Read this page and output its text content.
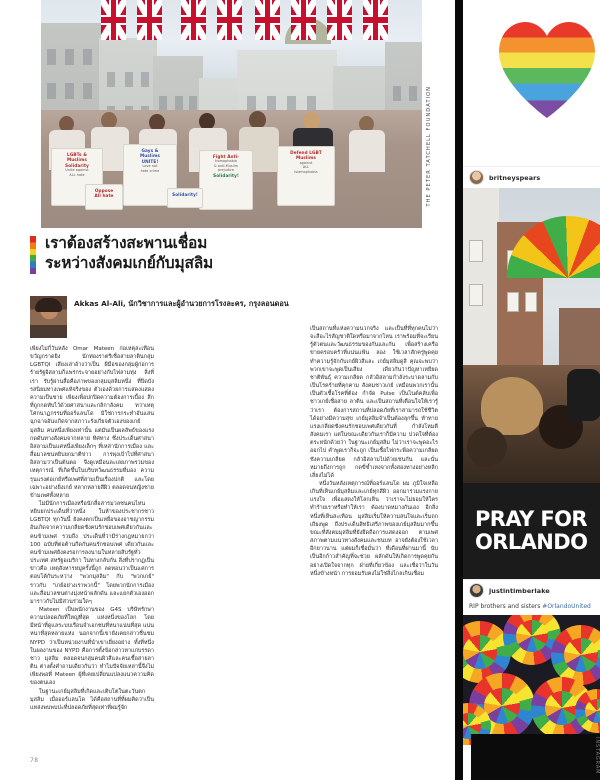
LGBTs &
Muslims
Solidarity
Unite against
ALL hate
Gays &
Muslims
UNITE!
Love not
hate crime
Fight Anti-
Homophobia
& anti-Muslim
prejudice
Solidarity!
Defend LGBT
Muslims
against
ALL
Islamophobia
Oppose
All hate	Solidarity!	THE PETER TATCHELL FOUNDATION
เราต้องสร้างสะพานเชื่อม
ระหว่างสังคมเกย์กับมุสลิม
Akkas Al-Ali, นักวิชาการและผู้อำนวยการโรงละคร, กรุงลอนดอน

เพียงไม่กี่วันหลัง Omar Mateen ก่อเหตุสะเทือนขวัญกราดยิง นักท่องราตรีเชื่อสายลาตินกลุ่ม LGBTQI เสียงเล่าอ้างว่าเป็น ผีมือของกลุ่มผู้ก่อการร้ายรัฐอิสลามก็แพร่กระจายอย่างกับไฟลามทุ่ง สิ่งที่เรา รับรู้ผ่านสื่อคือภาพของกลุ่มมุสลิมหนึ่ง ที่ปิดบังรสนิยมทางเพศแท้จริงของ ตัวเองด้วยการแสดงแสดงความเป็นชาย เพียงเพื่อปกปิดความต้องการเบื้อง ลึกที่ถูกกดทับไว้ด้วยศาสนาและกลิกาลังคม ทว่าเหตุโศกนาฏกรรมที่ออร์แลนโด มิใช่การกระทำอันแสนฉุกฉาจอันแกิดจากสภาวะรังเกียจตัวเองของเกย์มุสลิม คนหนึ่งเพียงเท่านั้น แต่มันเป็นผลลัพธ์ของแรงกดดันทางสังคมจากหลาย ทิศทาง ซึ่งประเด็นศาสนาอิสลามเป็นแค่หนึ่งเพียงเล็กๆ ที่เหล่านักการเมือง และสื่อมวลชนหยิบยกมาตีข่าว การพุ่งเป้าไปที่ศาสนาอิสลามว่าเป็นต้นตอ จึงดูเหมือนละเลยภาพรวมของเหตุการณ์ ที่เกิดขึ้นในบริบทวัฒนธรรมที่มอง ความรุนแรงต่อเกย์หรือเพศที่สามเป็นเรื่องปกติ และโดยเฉพาะอย่างยิ่งเกย์ หลากหลายสีผิว ตลอดจนหญิงชายข้ามเพศทั้งหลาย

ไม่มีนักการเมืองหรือนักสื่อสารมวลชนคนไหนหยิบยกประเด็นที่ว่าหนึ่ง ในห้าของประชากรชาว LGBTQI ทุกวันนี้ ยังคงตกเป็นเหยื่อของอาชญากรรม อันเกิดจากความเกลียดชังคนรักชอบเพศเดียวกันและคนข้ามเพศ รวมถึง ประเด็นที่ว่ามีร่างกฎหมายกว่า 100 ฉบับที่ต่อต้านกีดกันคนรักชอบเพศ เดียวกันและคนข้ามเพศยังคงรอการลงนามในหลายสิบรัฐทั่วประเทศ สหรัฐอเมริกา ในทางกลับกัน สิ่งที่ปรากฏเป็นข่าวคือ เหตุสังหารหมู่ครั้งนี้ถูก ลดทอนว่าเป็นแค่การตอบโต้กันระหว่าง "พวกมุสลิม" กับ "พวกเกย์" ราวกับ "เกย์อย่างเราพวกนี้" โดยพวกนักการเมืองและสื่อมวลชนต่างมุ่งหน้าผลักดัน และแยกตัวเองออกมาราวกับไม่มีส่วนร่วมใดๆ

Mateen เป็นพนักงานของ G4S บริษัทรักษาความปลอดภัยที่ใหญ่ที่สุด แห่งหนึ่งของโลก โดยมีหน้าที่ดูแลระบบเรือนจำเอกชนที่หนาแน่นที่สุด แน่นหนาที่สุดหลายแห่ง นอกจากนี้เขายังเคยกล่าวชื่นชม NYPD ว่าเป็นหน่วยงานที่นำเขาเยี่ยงอย่าง ทั้งที่หนึ่งในผลงานของ NYPD คือการตั้งข้อกล่าวหาแก่บรรดาชาว มุสลิม ตลอดจนกลุ่มคนผิวสีและคนเชื้อสายลาติน ต่างตั้งคำถามเดียวกันว่า ทำไมปัจจัยเหล่านี้จึงไม่เพียงพอที่ Mateen ผู้ที่เคยเปลี่ยนแปลงแนวความคิดของตนเอง

ในฐานะเกย์มุสลิมที่เกิดและเติบโตในตะวันตกมุสลิม เมื่อออร์แลนโด ได้คือสถานที่ที่ผมคิดว่าเป็นแหล่งพบพบปะที่ปลอดภัยที่สุดเท่าที่ผมรู้จัก

เป็นสถานที่แห่งความนวกจริง และเป็นที่ที่ทุกคนไม่ว่าจะสีอะไรสัญชาติใดหรือมาจากไหน เราพร้อมที่จะเรียนรู้ตัวตนและวัฒนธรรมของกันและกัน เพื่อสร้างเครือข่ายครอบครัวที่แน่นแฟ้น ลอง ใช้เวลาสักครู่พูดคุยทำความรู้จักกับเกย์ผิวสีและ เกย์มุสลิมดูสิ คุณจะพบว่าพวกเขาจะพูดเป็นเสียง เดียวกันว่าปัญหาเหยียดชาติพันธุ์ ความเกลียด กลัวอิสลามกำลังระบาดลามกับเป็นโรคร้ายที่คุกคาม สังคมชาวเกย์ เหมือนพวกเรานั้นเป็นตัวเชื้อโรคที่ต้อง กำจัด Pulse เป็นไนต์คลับเพื่อชาวเกย์เชื่อสาย ลาติน และเป็นสถานที่เตือนใจให้เรารู้ว่าเรา ต้องการสถานที่ปลอดภัยที่เราสามารถใช้ชีวิต ได้อย่างมีความสุข เกย์มุสลิมจำเป็นต้องลุกขึ้น ท้าทายแรงเกลียดชังคนรักชอบเพศเดียวกันที่ กำลังโหมตีสังคมเรา แต่ในขณะเดียวกันเราก็มีความ ปวดใจที่ต้องตระหนักด้วยว่า ในฐานะเกย์มุสลิม ไม่ว่าเราจะพูดอะไรออกไป คำพูดเราก็จะถูก เป็นเชื้อไฟกระพือความเกลียดชังความเกลียด กลัวอิสลามไปด้วยเช่นกัน และนั่นหมายถึงการถูก กดขี่ซ้ำเหงจากทั้งสองทางอย่างหลีกเลี่ยงไม่ได้

หนึ่งวันหลังเหตุการณ์ที่ออร์แลนโด ผม ภูมิใจเหลือเกินที่เห็นเกย์มุสลิมและเกย์ทุกสีผิว ออกมาร่วมแรงกายแรงใจ เพื่อแสดงให้โลกเห็น ว่าเราจะไม่ยอมให้ใครทำร้ายเราหรือทำให้เรา ต้องบาดหมางกันเอง อีกสิ่งหนึ่งที่เห็นสะเทือน มุสลิมเริ่มให้ความสนใจและเริ่มถกเถียงพูด ถึงประเด็นสิทธิเสรีภาพของเกย์มุสลิมมากขึ้น ขณะที่สังคมมุสลิมที่ยังยึดถือการแสดงออก ตามเพศสภาพตามแนวทางสังคมและชนบท อาจยังต้องใช้เวลาอีกยาวนาน แต่ผมก็เชื่อมั่นว่า ที่เดือนที่ผ่านมานี้ นับเป็นอีกก้าวสำคัญที่จะช่วย ผลักดันให้เกิดการพูดคุยกันอย่างเปิดใจจากทุก ฝ่ายที่เกี่ยวข้อง และเชื่อว่าในวันหนึ่งข้างหน้า การยอมรับคงไม่ใช่สิ่งไกลเกินเชื่อม

78
britneyspears
PRAY FOR
ORLANDO
justintimberlake
RIP brothers and sisters #OrlandoUnited
INSTAGRAM
